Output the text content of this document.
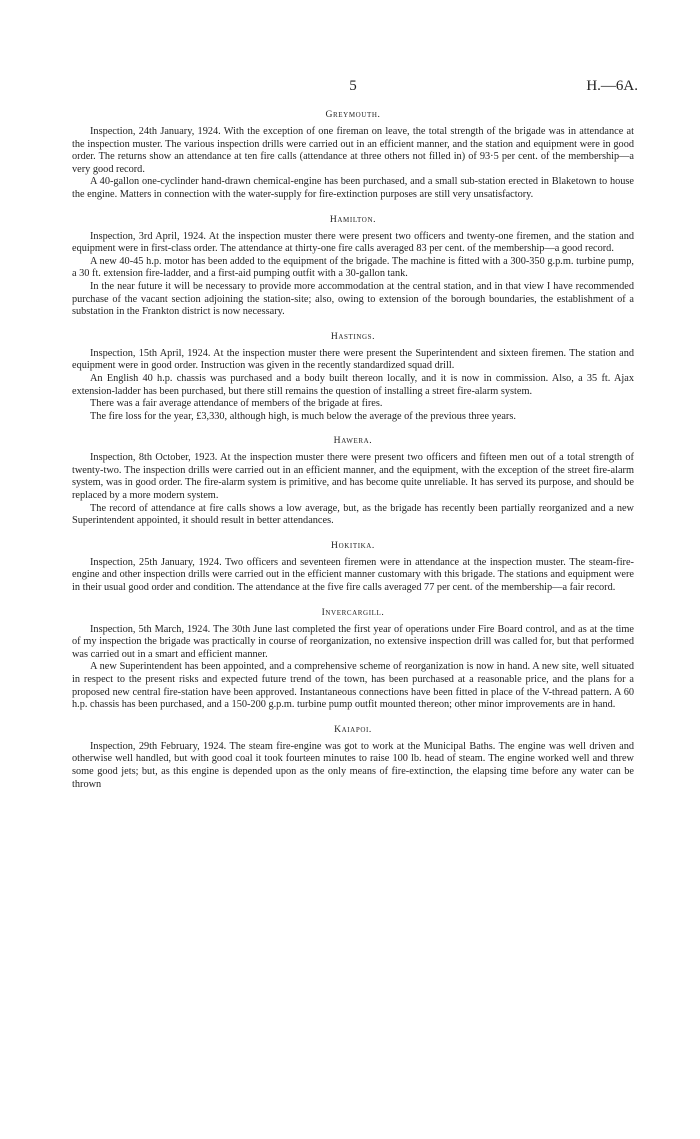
5	H.—6A.
Greymouth.

Inspection, 24th January, 1924. With the exception of one fireman on leave, the total strength of the brigade was in attendance at the inspection muster. The various inspection drills were carried out in an efficient manner, and the station and equipment were in good order. The returns show an attendance at ten fire calls (attendance at three others not filled in) of 93·5 per cent. of the membership—a very good record.

A 40-gallon one-cyclinder hand-drawn chemical-engine has been purchased, and a small sub-station erected in Blaketown to house the engine. Matters in connection with the water-supply for fire-extinction purposes are still very unsatisfactory.

Hamilton.

Inspection, 3rd April, 1924. At the inspection muster there were present two officers and twenty-one firemen, and the station and equipment were in first-class order. The attendance at thirty-one fire calls averaged 83 per cent. of the membership—a good record.

A new 40-45 h.p. motor has been added to the equipment of the brigade. The machine is fitted with a 300-350 g.p.m. turbine pump, a 30 ft. extension fire-ladder, and a first-aid pumping outfit with a 30-gallon tank.

In the near future it will be necessary to provide more accommodation at the central station, and in that view I have recommended purchase of the vacant section adjoining the station-site; also, owing to extension of the borough boundaries, the establishment of a substation in the Frankton district is now necessary.

Hastings.

Inspection, 15th April, 1924. At the inspection muster there were present the Superintendent and sixteen firemen. The station and equipment were in good order. Instruction was given in the recently standardized squad drill.

An English 40 h.p. chassis was purchased and a body built thereon locally, and it is now in commission. Also, a 35 ft. Ajax extension-ladder has been purchased, but there still remains the question of installing a street fire-alarm system.

There was a fair average attendance of members of the brigade at fires.

The fire loss for the year, £3,330, although high, is much below the average of the previous three years.

Hawera.

Inspection, 8th October, 1923. At the inspection muster there were present two officers and fifteen men out of a total strength of twenty-two. The inspection drills were carried out in an efficient manner, and the equipment, with the exception of the street fire-alarm system, was in good order. The fire-alarm system is primitive, and has become quite unreliable. It has served its purpose, and should be replaced by a more modern system.

The record of attendance at fire calls shows a low average, but, as the brigade has recently been partially reorganized and a new Superintendent appointed, it should result in better attendances.

Hokitika.

Inspection, 25th January, 1924. Two officers and seventeen firemen were in attendance at the inspection muster. The steam-fire-engine and other inspection drills were carried out in the efficient manner customary with this brigade. The stations and equipment were in their usual good order and condition. The attendance at the five fire calls averaged 77 per cent. of the membership—a fair record.

Invercargill.

Inspection, 5th March, 1924. The 30th June last completed the first year of operations under Fire Board control, and as at the time of my inspection the brigade was practically in course of reorganization, no extensive inspection drill was called for, but that performed was carried out in a smart and efficient manner.

A new Superintendent has been appointed, and a comprehensive scheme of reorganization is now in hand. A new site, well situated in respect to the present risks and expected future trend of the town, has been purchased at a reasonable price, and the plans for a proposed new central fire-station have been approved. Instantaneous connections have been fitted in place of the V-thread pattern. A 60 h.p. chassis has been purchased, and a 150-200 g.p.m. turbine pump outfit mounted thereon; other minor improvements are in hand.

Kaiapoi.

Inspection, 29th February, 1924. The steam fire-engine was got to work at the Municipal Baths. The engine was well driven and otherwise well handled, but with good coal it took fourteen minutes to raise 100 lb. head of steam. The engine worked well and threw some good jets; but, as this engine is depended upon as the only means of fire-extinction, the elapsing time before any water can be thrown
